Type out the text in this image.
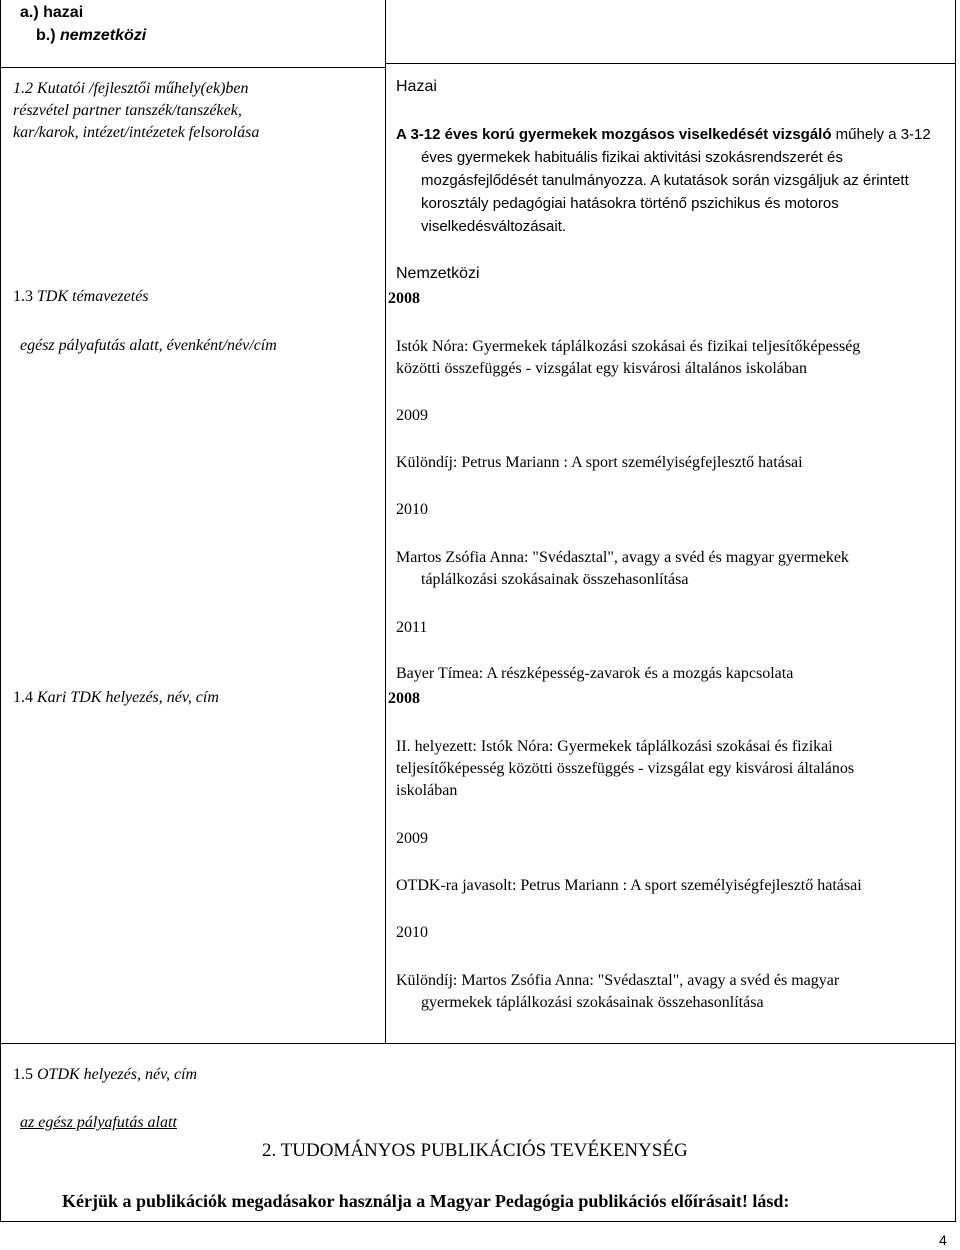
a.) hazai
b.) nemzetközi
1.2 Kutatói /fejlesztői műhely(ek)ben
részvétel partner tanszék/tanszékek,
kar/karok, intézet/intézetek felsorolása
1.3 TDK témavezetés
egész pályafutás alatt, évenként/név/cím
1.4 Kari TDK helyezés, név, cím
1.5 OTDK helyezés, név, cím
az egész pályafutás alatt
Hazai
A 3-12 éves korú gyermekek mozgásos viselkedését vizsgáló műhely a 3-12
éves gyermekek habituális fizikai aktivitási szokásrendszerét és
mozgásfejlődését tanulmányozza. A kutatások során vizsgáljuk az érintett
korosztály pedagógiai hatásokra történő pszichikus és motoros
viselkedésváltozásait.
Nemzetközi
2008
Istók Nóra: Gyermekek táplálkozási szokásai és fizikai teljesítőképesség
közötti összefüggés - vizsgálat egy kisvárosi általános iskolában
2009
Különdíj: Petrus Mariann : A sport személyiségfejlesztő hatásai
2010
Martos Zsófia Anna: "Svédasztal", avagy a svéd és magyar gyermekek
táplálkozási szokásainak összehasonlítása
2011
Bayer Tímea: A részképesség-zavarok és a mozgás kapcsolata
2008
II. helyezett: Istók Nóra: Gyermekek táplálkozási szokásai és fizikai
teljesítőképesség közötti összefüggés - vizsgálat egy kisvárosi általános
iskolában
2009
OTDK-ra javasolt: Petrus Mariann : A sport személyiségfejlesztő hatásai
2010
Különdíj: Martos Zsófia Anna: "Svédasztal", avagy a svéd és magyar
gyermekek táplálkozási szokásainak összehasonlítása
2. TUDOMÁNYOS PUBLIKÁCIÓS TEVÉKENYSÉG
Kérjük a publikációk megadásakor használja a Magyar Pedagógia publikációs előírásait! lásd:
4
